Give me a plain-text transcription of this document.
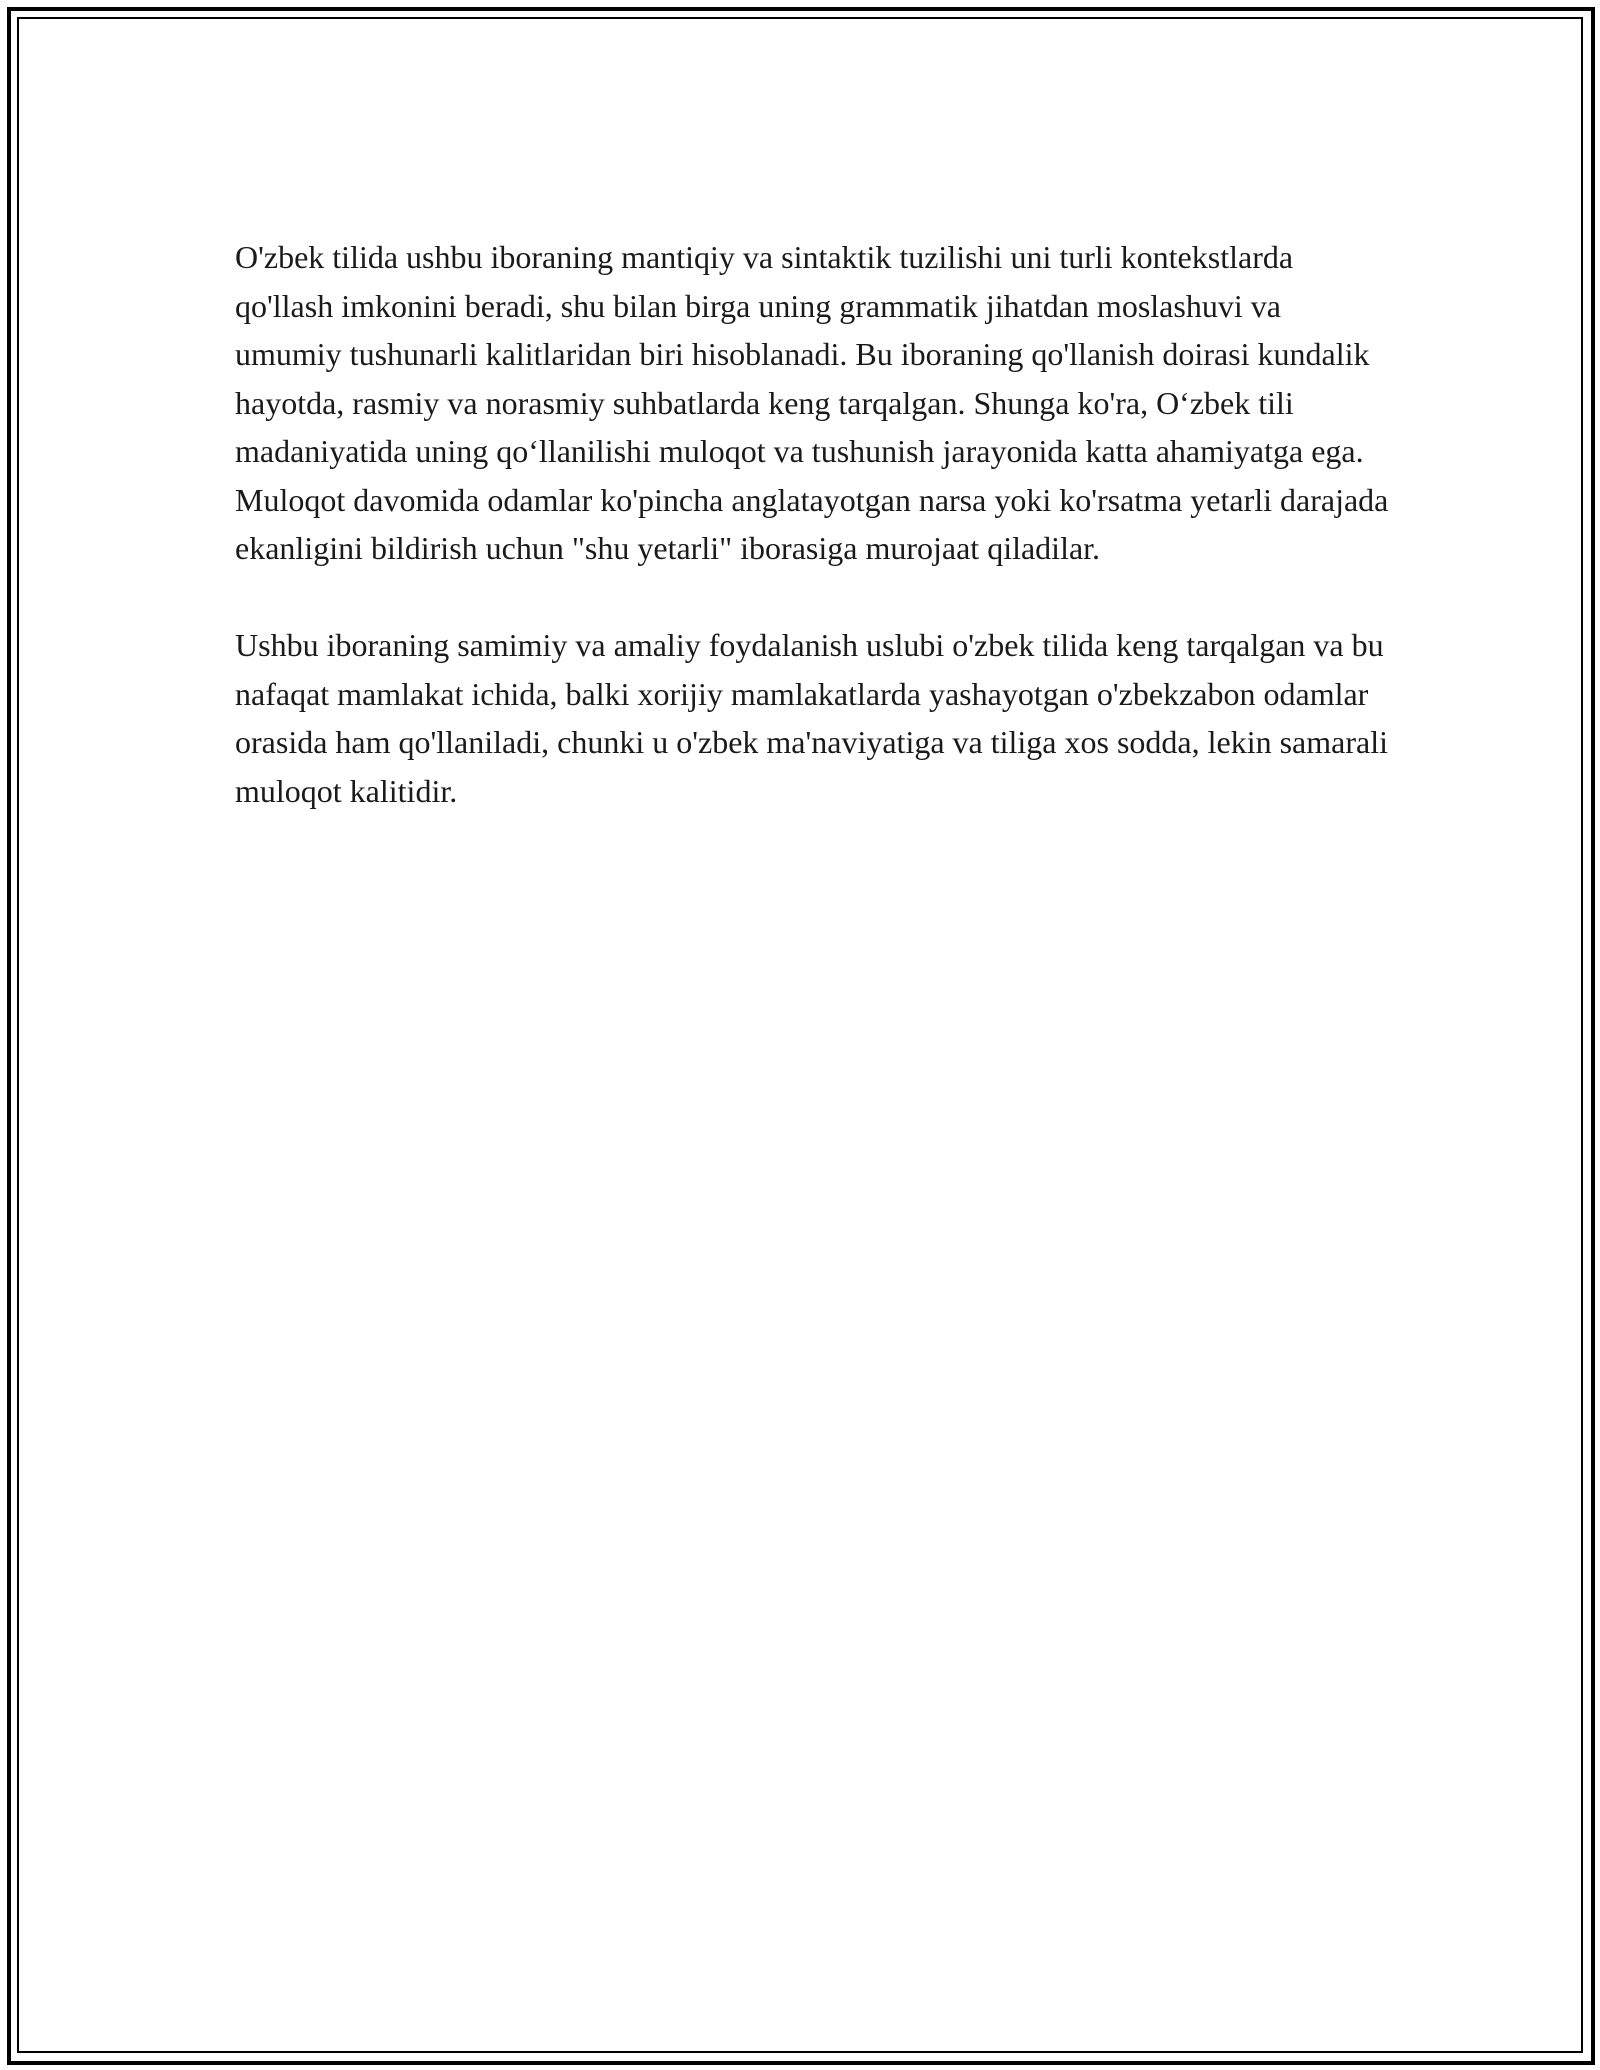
O'zbek tilida ushbu iboraning mantiqiy va sintaktik tuzilishi uni turli kontekstlarda qo'llash imkonini beradi, shu bilan birga uning grammatik jihatdan moslashuvi va umumiy tushunarli kalitlaridan biri hisoblanadi. Bu iboraning qo'llanish doirasi kundalik hayotda, rasmiy va norasmiy suhbatlarda keng tarqalgan. Shunga ko'ra, O‘zbek tili madaniyatida uning qo‘llanilishi muloqot va tushunish jarayonida katta ahamiyatga ega. Muloqot davomida odamlar ko'pincha anglatayotgan narsa yoki ko'rsatma yetarli darajada ekanligini bildirish uchun "shu yetarli" iborasiga murojaat qiladilar.

Ushbu iboraning samimiy va amaliy foydalanish uslubi o'zbek tilida keng tarqalgan va bu nafaqat mamlakat ichida, balki xorijiy mamlakatlarda yashayotgan o'zbekzabon odamlar orasida ham qo'llaniladi, chunki u o'zbek ma'naviyatiga va tiliga xos sodda, lekin samarali muloqot kalitidir.
